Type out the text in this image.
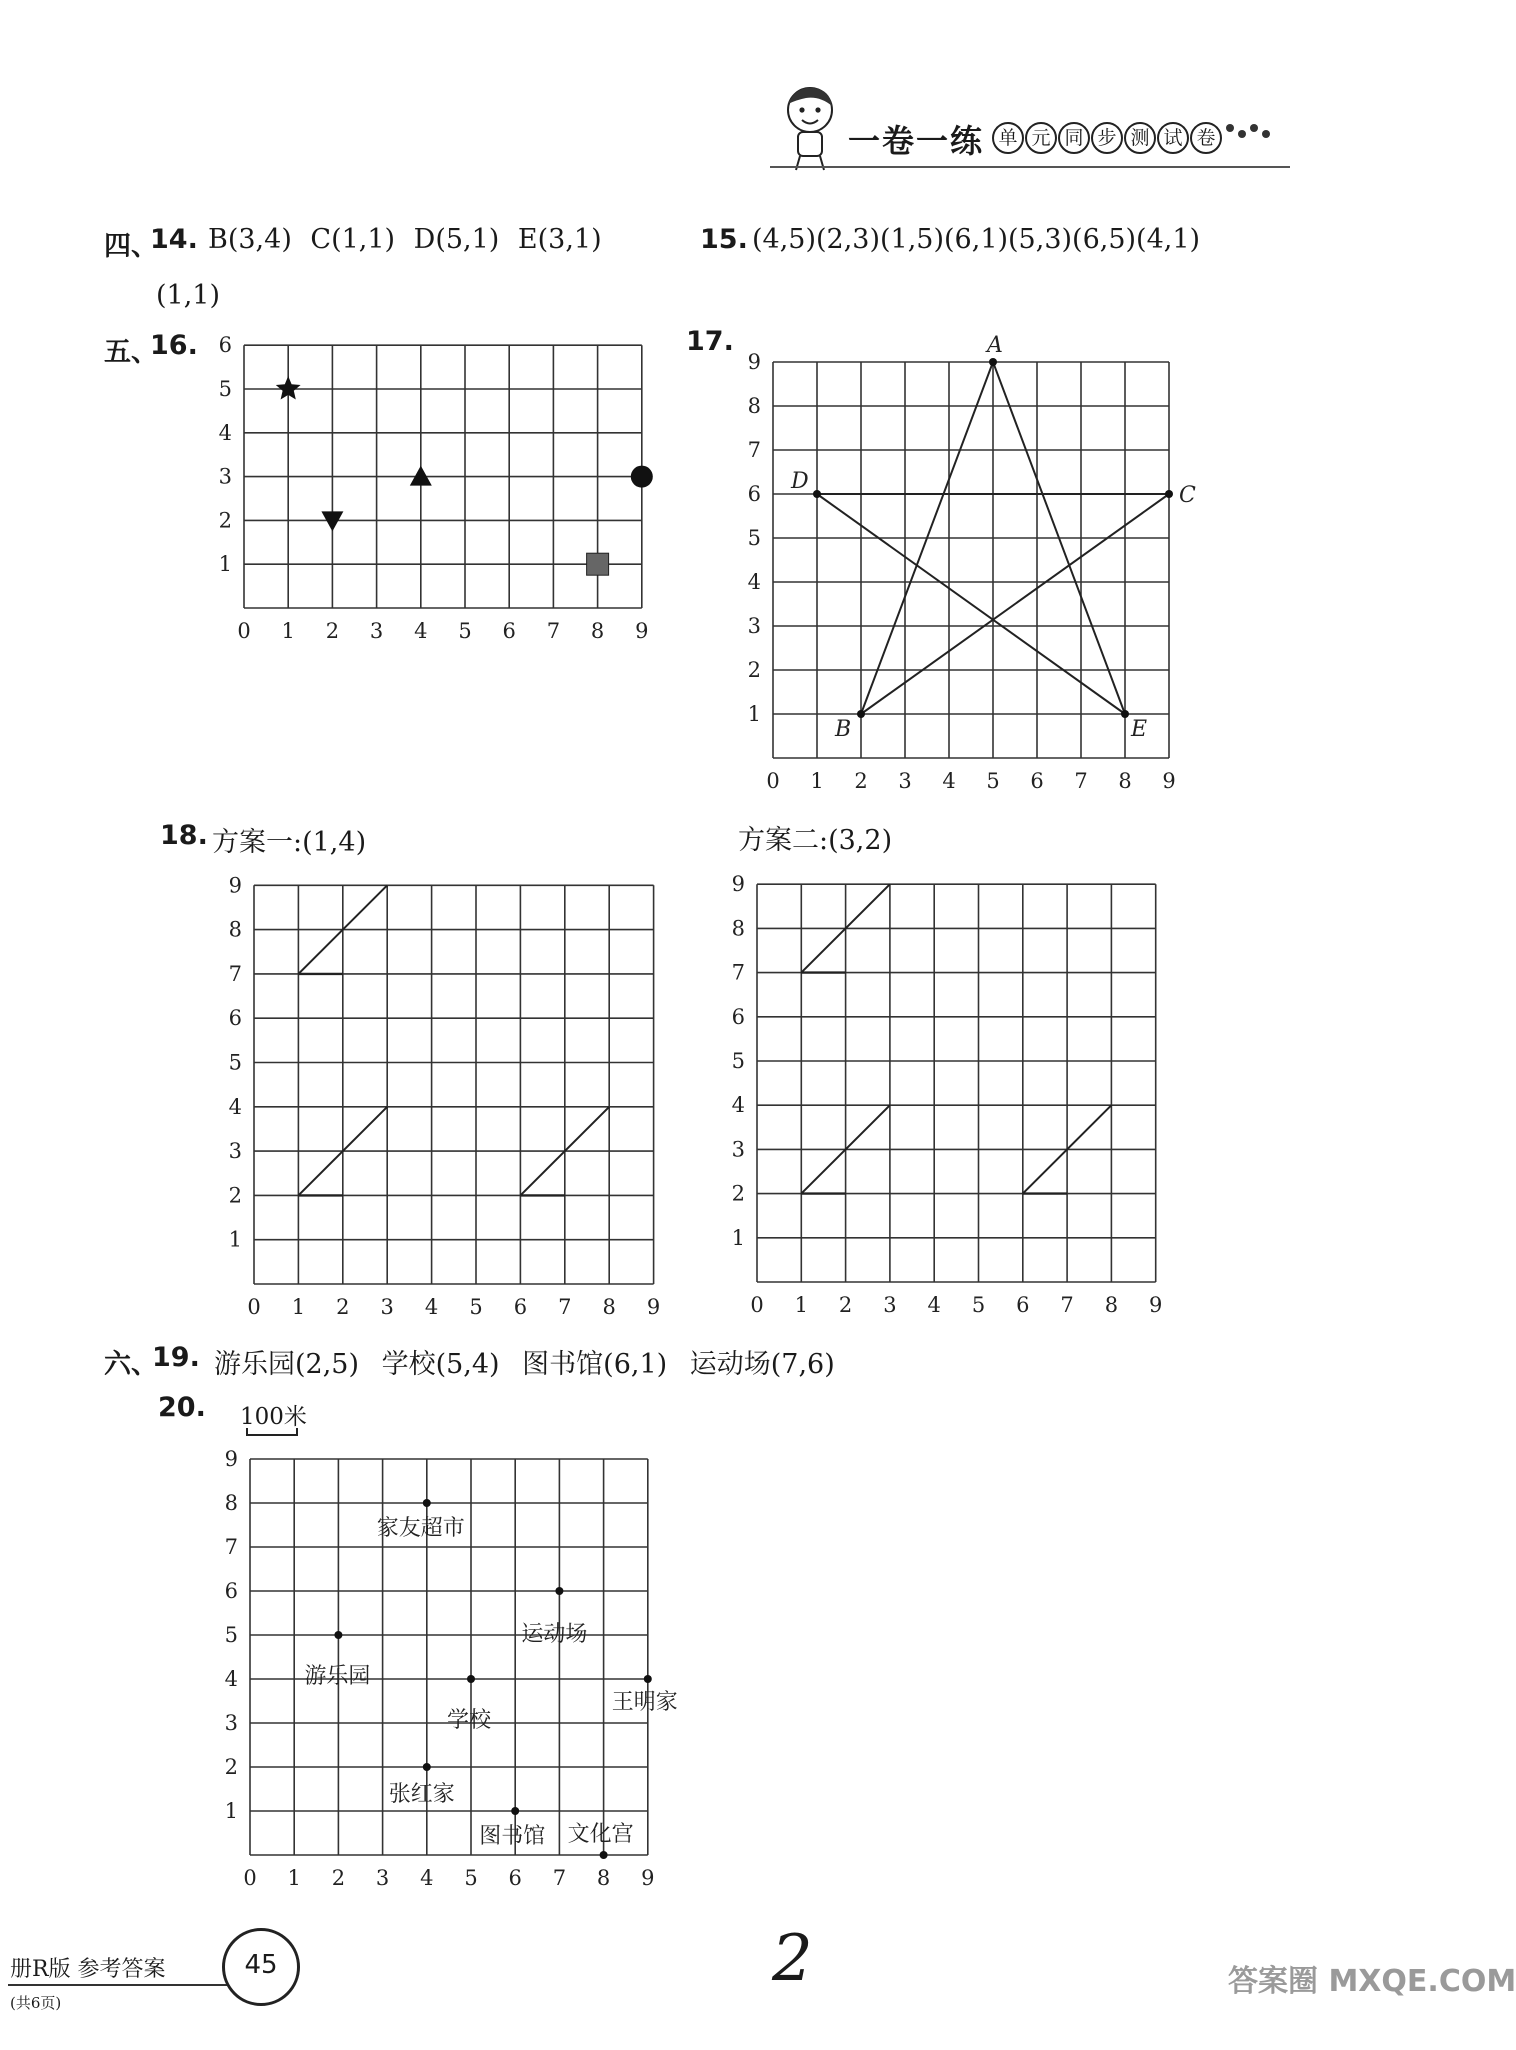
一卷一练 单 元 同 步 测 试 卷
四、
14. B(3,4) C(1,1) D(5,1) E(3,1)	15. (4,5)(2,3)(1,5)(6,1)(5,3)(6,5)(4,1)
(1,1)
五、
16.	17.
18. 方案一:(1,4)	方案二:(3,2)
六、
19. 游乐园(2,5) 学校(5,4) 图书馆(6,1) 运动场(7,6)
20. 100米
0 1 2 3 4 5 6 7 8 9
1
2
3
4
5
6
0 1 2 3 4 5 6 7 8 9
1
2
3
4
5
6
7
8
9
A
B
C
D
E
0 1 2 3 4 5 6 7 8 9
1
2
3
4
5
6
7
8
9
0 1 2 3 4 5 6 7 8 9
1
2
3
4
5
6
7
8
9
0 1 2 3 4 5 6 7 8 9
1
2
3
4
5
6
7
8
9
家友超市
运动场
游乐园
学校
王明家
张红家
图书馆 文化宫
册R版 参考答案
(共6页)
45	2	答案圈 MXQE.COM
